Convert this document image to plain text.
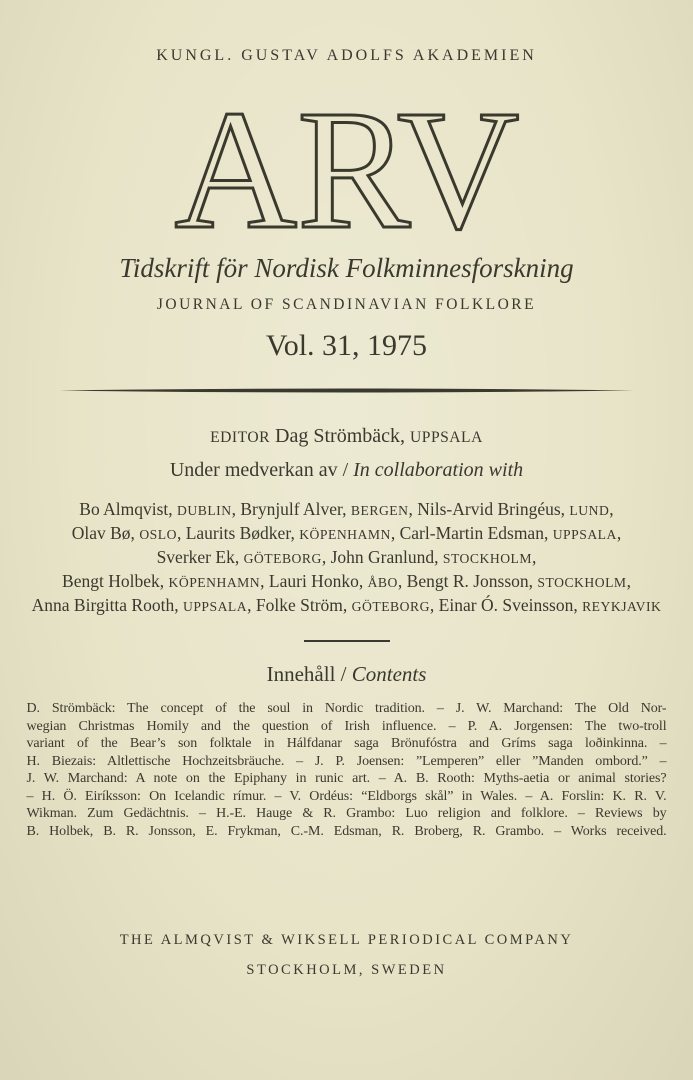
KUNGL. GUSTAV ADOLFS AKADEMIEN
ARV
Tidskrift för Nordisk Folkminnesforskning
JOURNAL OF SCANDINAVIAN FOLKLORE
Vol. 31, 1975
EDITOR Dag Strömbäck, UPPSALA
Under medverkan av / In collaboration with
Bo Almqvist, DUBLIN, Brynjulf Alver, BERGEN, Nils-Arvid Bringéus, LUND,
Olav Bø, OSLO, Laurits Bødker, KÖPENHAMN, Carl-Martin Edsman, UPPSALA,
Sverker Ek, GÖTEBORG, John Granlund, STOCKHOLM,
Bengt Holbek, KÖPENHAMN, Lauri Honko, ÅBO, Bengt R. Jonsson, STOCKHOLM,
Anna Birgitta Rooth, UPPSALA, Folke Ström, GÖTEBORG, Einar Ó. Sveinsson, REYKJAVIK
Innehåll / Contents
D. Strömbäck: The concept of the soul in Nordic tradition. – J. W. Marchand: The Old Nor-
wegian Christmas Homily and the question of Irish influence. – P. A. Jorgensen: The two-troll
variant of the Bear’s son folktale in Hálfdanar saga Brönufóstra and Gríms saga loðinkinna. –
H. Biezais: Altlettische Hochzeitsbräuche. – J. P. Joensen: ”Lemperen” eller ”Manden ombord.” –
J. W. Marchand: A note on the Epiphany in runic art. – A. B. Rooth: Myths-aetia or animal stories?
– H. Ö. Eiríksson: On Icelandic rímur. – V. Ordéus: “Eldborgs skål” in Wales. – A. Forslin: K. R. V.
Wikman. Zum Gedächtnis. – H.-E. Hauge & R. Grambo: Luo religion and folklore. – Reviews by
B. Holbek, B. R. Jonsson, E. Frykman, C.-M. Edsman, R. Broberg, R. Grambo. – Works received.
THE ALMQVIST & WIKSELL PERIODICAL COMPANY
STOCKHOLM, SWEDEN
